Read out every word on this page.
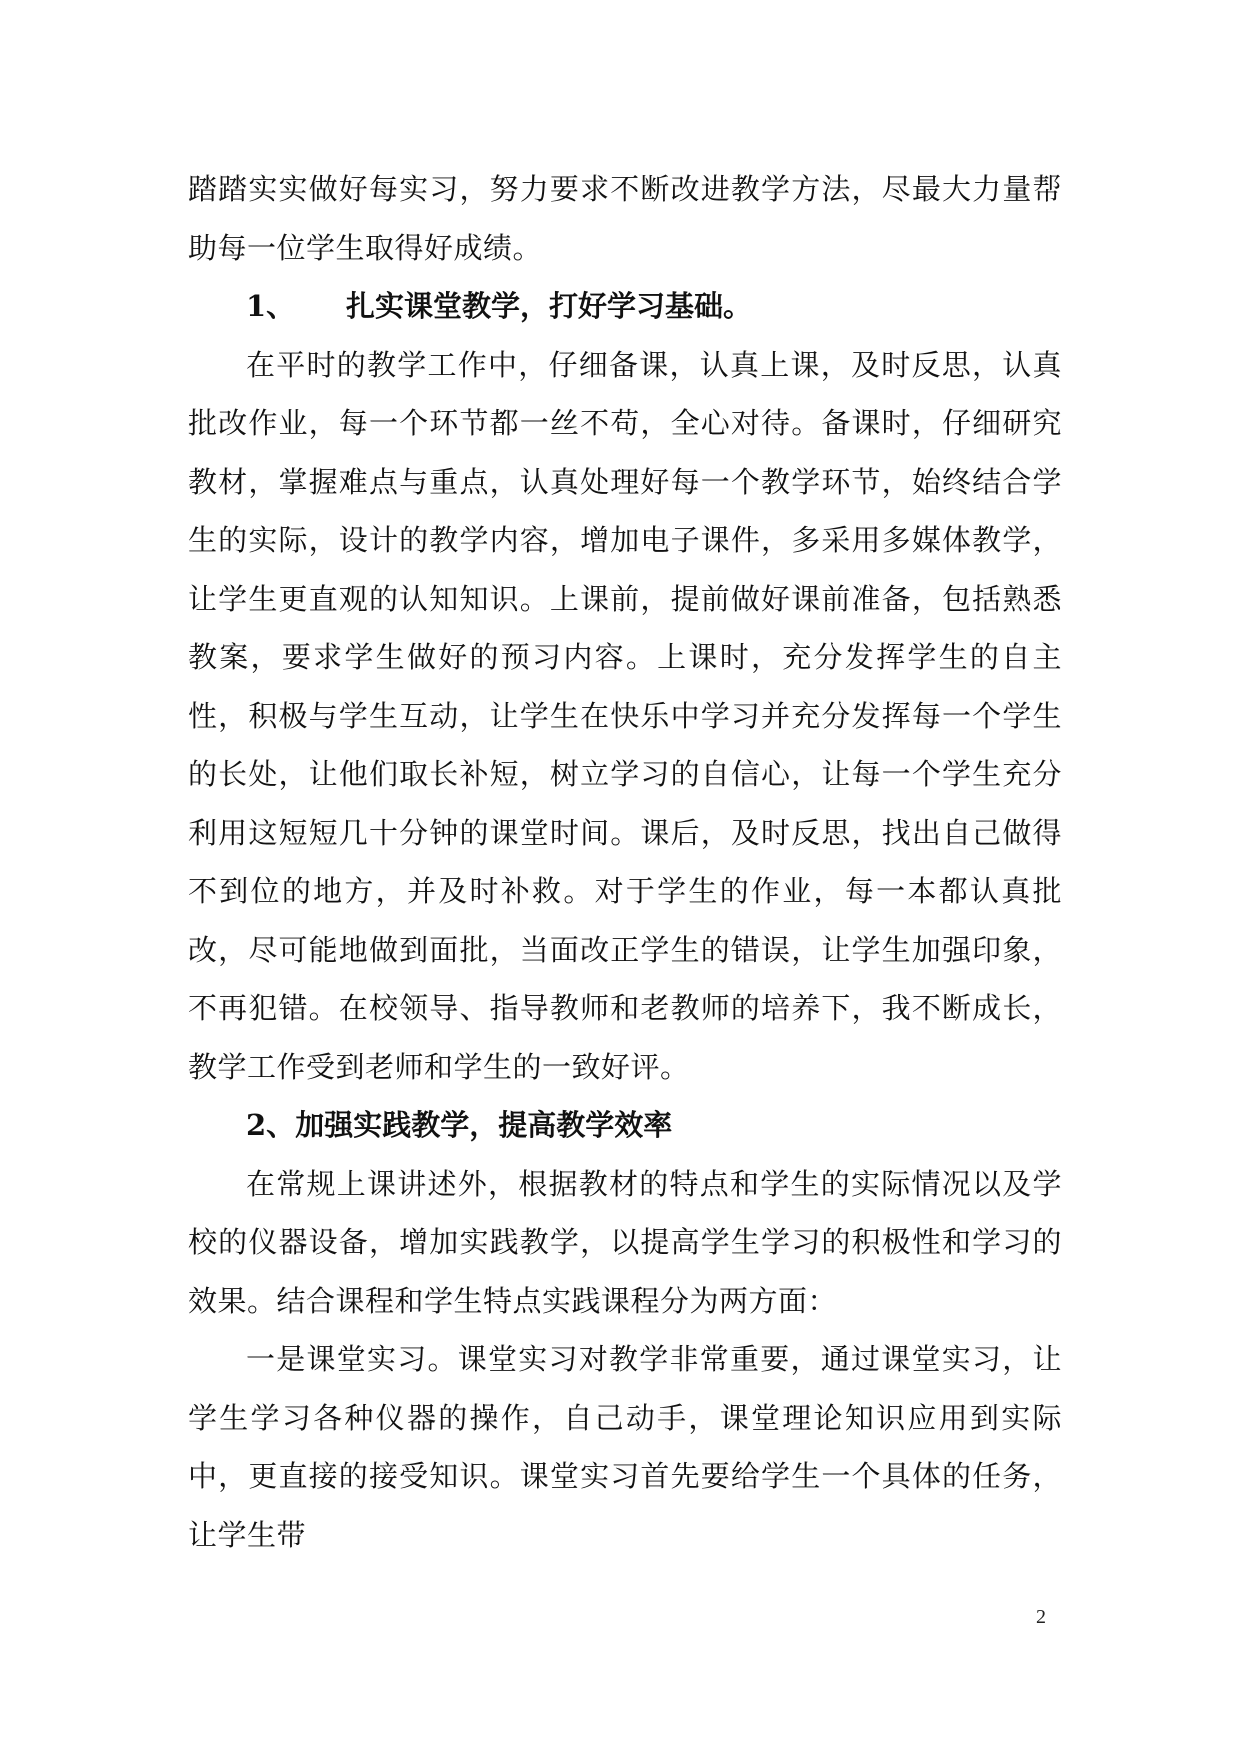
踏踏实实做好每实习，努力要求不断改进教学方法，尽最大力量帮助每一位学生取得好成绩。

1、 扎实课堂教学，打好学习基础。

在平时的教学工作中，仔细备课，认真上课，及时反思，认真批改作业，每一个环节都一丝不苟，全心对待。备课时，仔细研究教材，掌握难点与重点，认真处理好每一个教学环节，始终结合学生的实际，设计的教学内容，增加电子课件，多采用多媒体教学，让学生更直观的认知知识。上课前，提前做好课前准备，包括熟悉教案，要求学生做好的预习内容。上课时，充分发挥学生的自主性，积极与学生互动，让学生在快乐中学习并充分发挥每一个学生的长处，让他们取长补短，树立学习的自信心，让每一个学生充分利用这短短几十分钟的课堂时间。课后，及时反思，找出自己做得不到位的地方，并及时补救。对于学生的作业，每一本都认真批改，尽可能地做到面批，当面改正学生的错误，让学生加强印象，不再犯错。在校领导、指导教师和老教师的培养下，我不断成长，教学工作受到老师和学生的一致好评。

2、加强实践教学，提高教学效率

在常规上课讲述外，根据教材的特点和学生的实际情况以及学校的仪器设备，增加实践教学，以提高学生学习的积极性和学习的效果。结合课程和学生特点实践课程分为两方面：

一是课堂实习。课堂实习对教学非常重要，通过课堂实习，让学生学习各种仪器的操作，自己动手，课堂理论知识应用到实际中，更直接的接受知识。课堂实习首先要给学生一个具体的任务，让学生带

2
